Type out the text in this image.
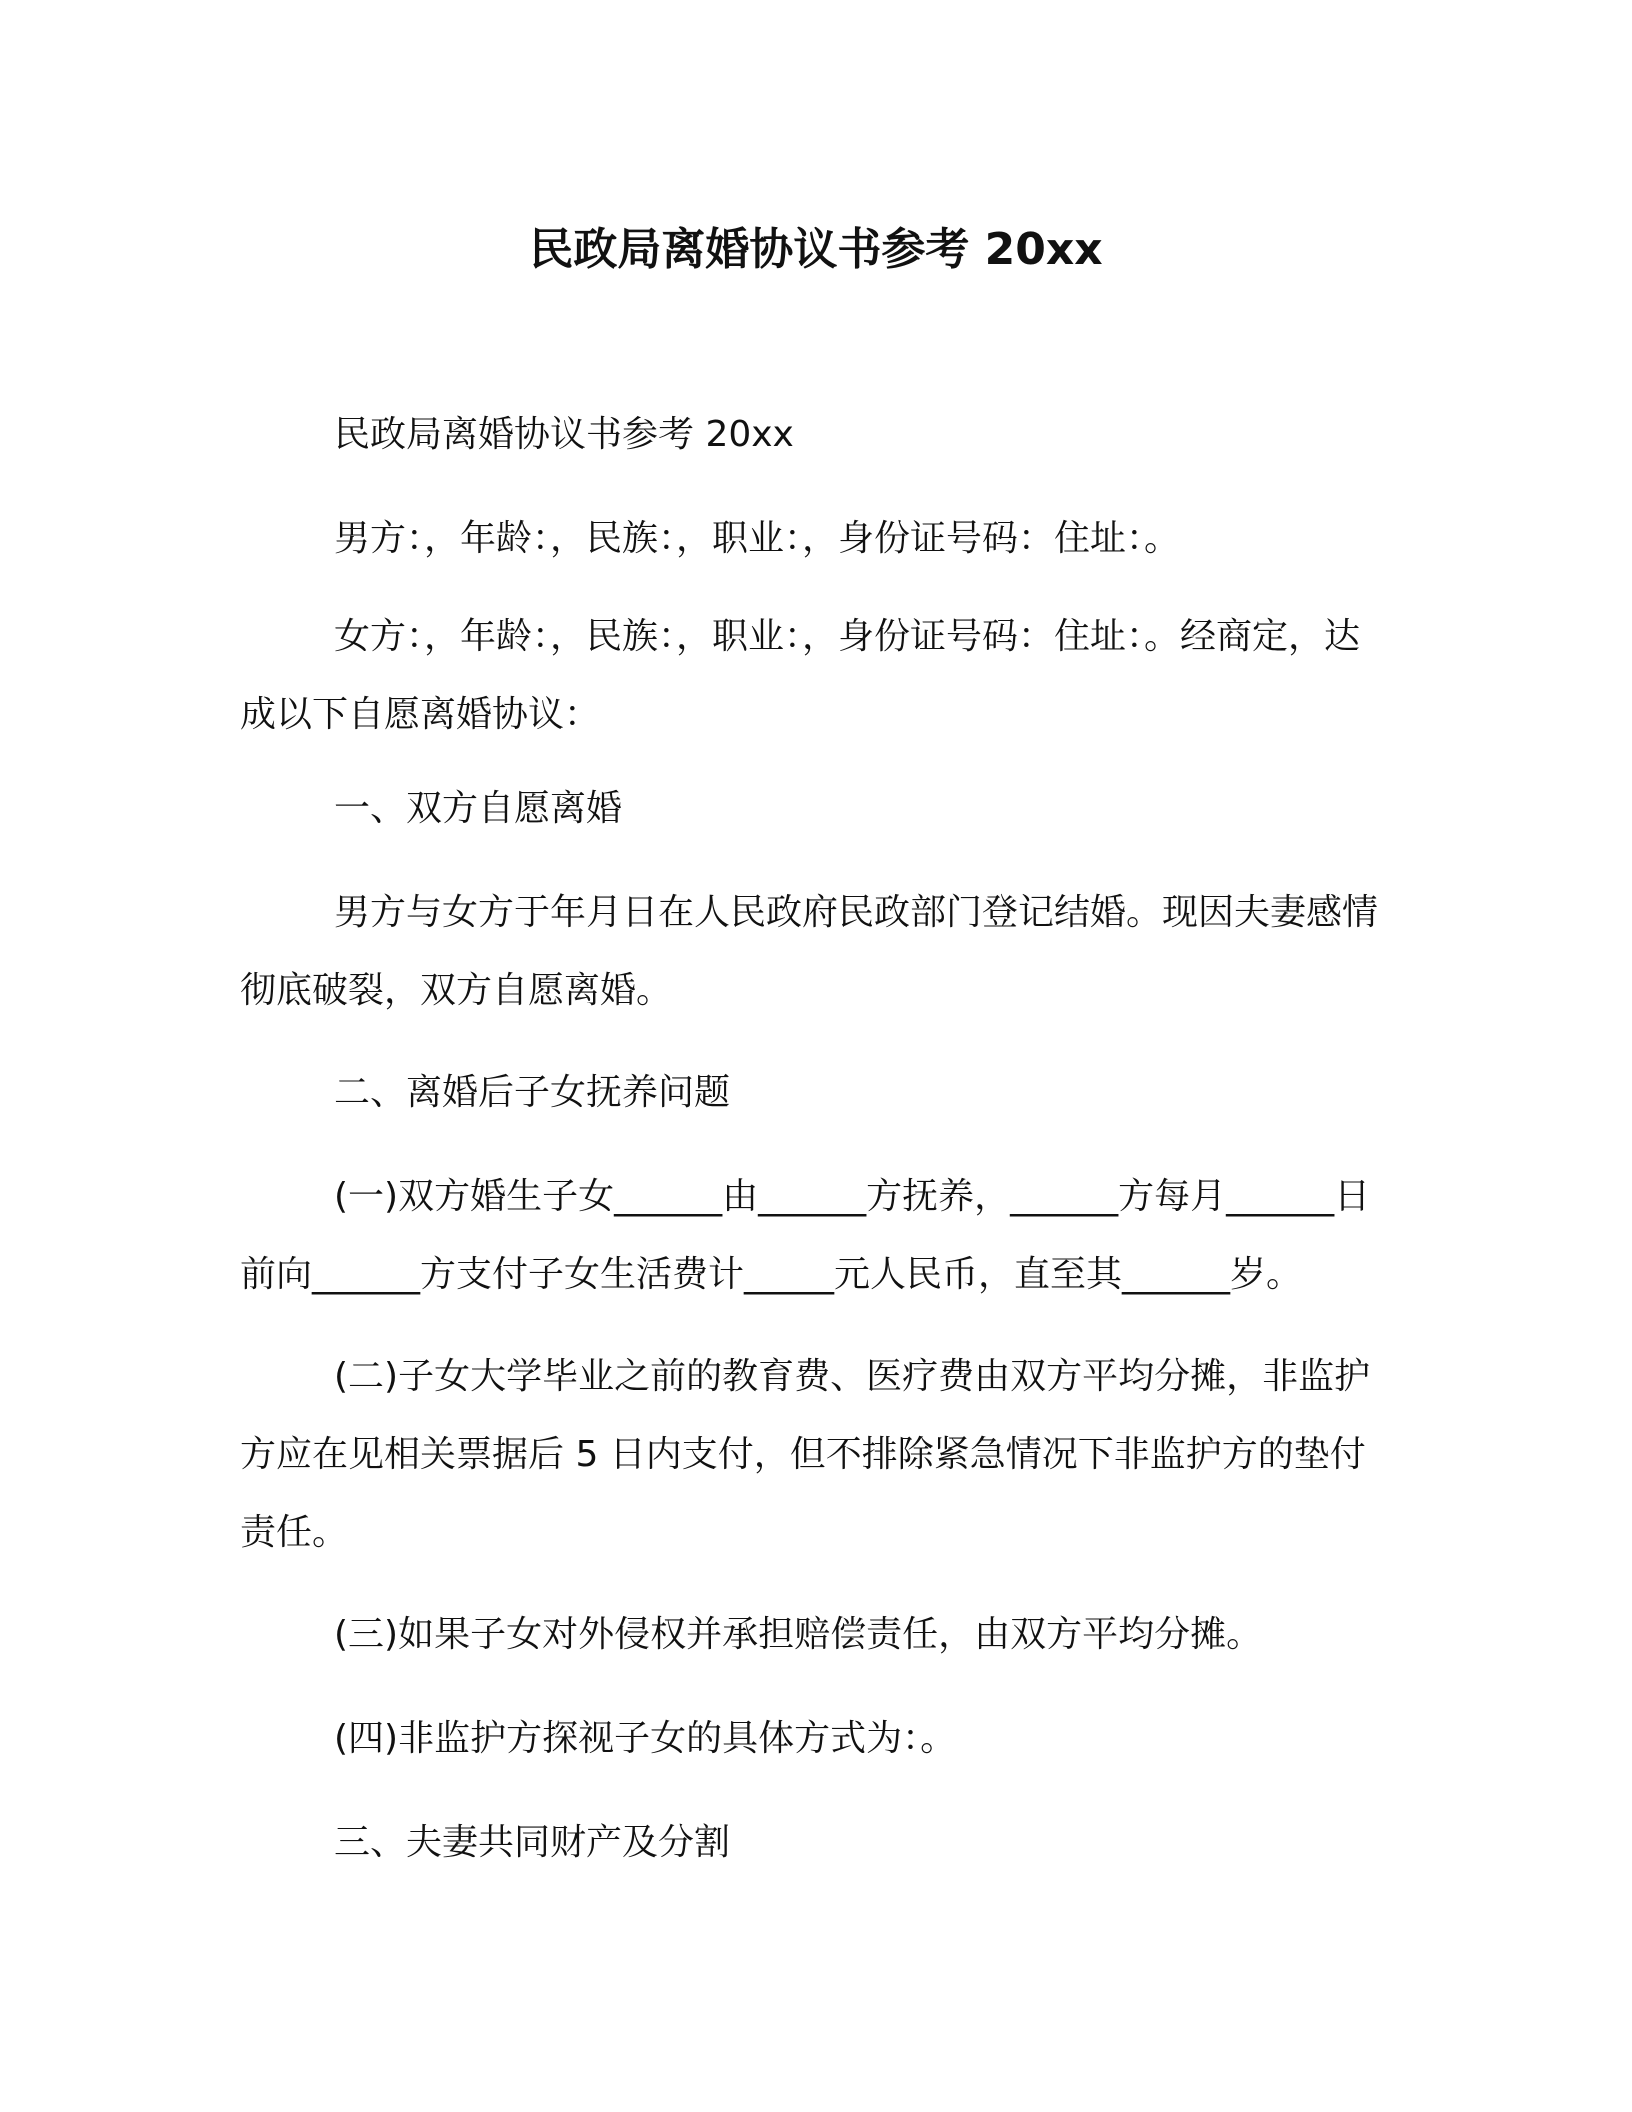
民政局离婚协议书参考 20xx

民政局离婚协议书参考 20xx

男方：，年龄：，民族：，职业：，身份证号码：住址：。

女方：，年龄：，民族：，职业：，身份证号码：住址：。经商定，达成以下自愿离婚协议：

一、双方自愿离婚

男方与女方于年月日在人民政府民政部门登记结婚。现因夫妻感情彻底破裂，双方自愿离婚。

二、离婚后子女抚养问题

(一)双方婚生子女______由______方抚养，______方每月______日前向______方支付子女生活费计_____元人民币，直至其______岁。

(二)子女大学毕业之前的教育费、医疗费由双方平均分摊，非监护方应在见相关票据后 5 日内支付，但不排除紧急情况下非监护方的垫付责任。

(三)如果子女对外侵权并承担赔偿责任，由双方平均分摊。

(四)非监护方探视子女的具体方式为：。

三、夫妻共同财产及分割
